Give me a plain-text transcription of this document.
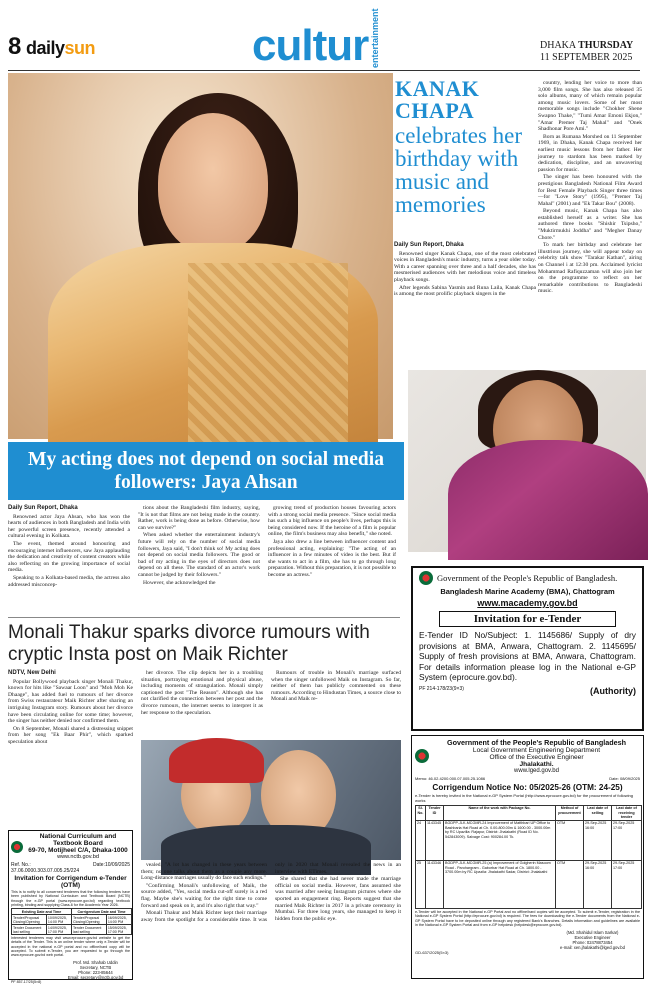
8 dailysun	cultur entertainment	DHAKA THURSDAY
11 SEPTEMBER 2025
KANAK
CHAPA
celebrates her birthday with music and memories
Daily Sun Report, Dhaka

Renowned singer Kanak Chapa, one of the most celebrated voices in Bangladesh's music industry, turns a year older today. With a career spanning over three and a half decades, she has mesmerised audiences with her melodious voice and timeless playback songs.

After legends Sabina Yasmin and Runa Laila, Kanak Chapa is among the most prolific playback singers in the

country, lending her voice to more than 3,000 film songs. She has also released 35 solo albums, many of which remain popular among music lovers. Some of her most memorable songs include "Chokher Shene Swapno Thake," "Tumi Amar Emoni Ekjon," "Amar Premer Taj Mahal" and "Onek Shadhonar Pore Ami."

Born as Rumana Morshed on 11 September 1969, in Dhaka, Kanak Chapa received her earliest music lessons from her father. Her journey to stardom has been marked by dedication, discipline, and an unwavering passion for music.

The singer has been honoured with the prestigious Bangladesh National Film Award for Best Female Playback Singer three times—for "Love Story" (1995), "Premer Taj Mahal" (2001) and "Ek Takar Bou" (2008).

Beyond music, Kanak Chapa has also established herself as a writer. She has authored three books "Shishir Tsipsho," "Muktirmukhi Joddha" and "Megher Danay Chore."

To mark her birthday and celebrate her illustrious journey, she will appear today on celebrity talk show "Tarakar Kathan", airing on Channel i at 12:30 pm. Acclaimed lyricist Mohammad Rafiquzzaman will also join her on the programme to reflect on her remarkable contributions to Bangladeshi music.

My acting does not depend on social media followers: Jaya Ahsan
Daily Sun Report, Dhaka

Renowned actor Jaya Ahsan, who has won the hearts of audiences in both Bangladesh and India with her powerful screen presence, recently attended a cultural evening in Kolkata.

The event, themed around honouring and encouraging internet influencers, saw Jaya applauding the dedication and creativity of content creators while also reflecting on the growing importance of social media.

Speaking to a Kolkata-based media, the actress also addressed misconcep-

tions about the Bangladeshi film industry, saying, "It is not that films are not being made in the country. Rather, work is being done as before. Otherwise, how can we survive?"

When asked whether the entertainment industry's future will rely on the number of social media followers, Jaya said, "I don't think so! My acting does not depend on social media followers. The good or bad of my acting in the eyes of directors does not depend on all these. The standard of an actor's work cannot be judged by their followers."

However, she acknowledged the

growing trend of production houses favouring actors with a strong social media presence. "Since social media has such a big influence on people's lives, perhaps this is being considered now. If the heroine of a film is popular online, the film's business may also benefit," she noted.

Jaya also drew a line between influencer content and professional acting, explaining: "The acting of an influencer in a few minutes of video is the best. But if she wants to act in a film, she has to go through long preparation. Without this preparation, it is not possible to become an actress."

Monali Thakur sparks divorce rumours with cryptic Insta post on Maik Richter
NDTV, New Delhi

Popular Bollywood playback singer Monali Thakur, known for hits like "Sawaar Loon" and "Moh Moh Ke Dhaage", has added fuel to rumours of her divorce from Swiss restaurateur Maik Richter after sharing an intriguing Instagram story. Rumours about her divorce have been circulating online for some time; however, the singer has neither denied nor confirmed them.

On 8 September, Monali shared a distressing snippet from her song "Ek Baar Phir", which sparked speculation about

her divorce. The clip depicts her in a troubling situation, portraying emotional and physical abuse, including moments of strangulation. Monali simply captioned the post "The Reason". Although she has not clarified the connection between her post and the divorce rumours, the internet seems to interpret it as her response to the speculation.

Rumours of trouble in Monali's marriage surfaced when the singer unfollowed Maik on Instagram. So far, neither of them has publicly commented on these rumours. According to Hindustan Times, a source close to Monali and Maik re-

vealed, "A lot has changed in these years between them; no one talks about them as a couple any more. Long-distance marriages usually do face such endings."

"Confirming Monali's unfollowing of Maik, the source added, "Yes, social media cut-off surely is a red flag. Maybe she's waiting for the right time to come forward and speak on it, and it's also right that way."

Monali Thakur and Maik Richter kept their marriage away from the spotlight for a considerable time. It was only in 2020 that Monali revealed the news in an interview with ETimes.

She shared that she had never made the marriage official on social media. However, fans assumed she was married after seeing Instagram pictures where she sported an engagement ring. Reports suggest that she married Maik Richter in 2017 in a private ceremony in Mumbai. For three long years, she managed to keep it hidden from the public eye.

Government of the People's Republic of Bangladesh.
Bangladesh Marine Academy (BMA), Chattogram
www.macademy.gov.bd
Invitation for e-Tender
E-Tender ID No/Subject: 1. 1145686/ Supply of dry provisions at BMA, Anwara, Chattogram. 2. 1145695/ Supply of fresh provisions at BMA, Anwara, Chattogram. For details information please log in the National e-GP System (eprocure.gov.bd).
PF 214-178/23(9×3)	(Authority)
National Curriculum and Textbook Board
69-70, Motijheel C/A, Dhaka-1000
www.nctb.gov.bd
Ref. No.: 37.06.0000.303.07.005.25/224
Date:10/09/2025
Invitation for Corrigendum e-Tender (OTM)
This is to notify to all concerned tenderers that the following tenders have been published by National Curriculum and Textbook Board (NCTB) through the e-GP portal (www.eprocure.gov.bd) regarding textbook printing, binding and supplying Class-6 for the Academic Year 2026.
Existing Date and Time		Corrigendum Date and Time	
Tender/Proposal Closing/Opening	10/09/2025, 14:00 PM	Tender/Proposal Closing/Opening	16/09/2025, 14:00 PM
Tender Document last selling	14/09/2025, 17:00 PM	Tender Document last selling	15/09/2025, 17:00 PM
Interested tenderers may visit www.eprocure.gov.bd website to get the details of the Tender. This is an online tender where only e-Tender will be accepted in the national e-GP portal and no offline/hard copy will be accepted. To submit e-Tender, you are requested to go through the www.eprocure.gov.bd web portal.
Prof. Md. Shahab Uddin
Secretary, NCTB
Phone: 223-85644
Email: secretary@nctb.gov.bd
PF 857-17/25(5×8)
Government of the People's Republic of Bangladesh
Local Government Engineering Department
Office of the Executive Engineer
Jhalakathi.
www.lged.gov.bd
Memo: 46.02.4200.000.07.005.25.1086	Date: 08/09/2025
Corrigendum Notice No: 05/2025-26 (OTM: 24-25)
e-Tender is hereby invited in the National e-GP System Portal (http://www.eprocure.gov.bd) for the procurement of following works
Sl. No.	Tender ID	Name of the work with Package No.	Method of procurement	Last date of selling	Last date of receiving tender
24	1143345	BGDPP-JLK-MCGMR-24 Improvement of Matthbari UP Office to Bashbaria Hat Road at Ch. 0.00-800.00m & 1600.00 - 3000.00m by RC Upazilla: Rajapur, District: Jhalakathi (Road ID No. 542843009). Salvage Cost: 900284.00 Tk.	OTM	29-Sep-2025 16:00	29-Sep-2025 17:00
25	1143346	BGDPP-JLK-MCGMR-25 (a) Improvement of Golgherin Masoom Road - Parohargram - Gaborbar Hat Road at Ch. 1800.00 - 3700.00m by RC Upazila: Jhalakathi Sadar, District: Jhalakathi	OTM	29-Sep-2025 16:00	29-Sep-2025 17:00
e-Tender will be accepted in the National e-GP Portal and no offline/hard copies will be accepted. To submit e-Tender, registration in the National e-GP System Portal (http://eprocure.gov.bd) is required. The fees for downloading the e-Tender documents from the National e-GP System Portal have to be deposited online through any registered Bank's Branches. Details information and guidelines are available in the National e-GP System Portal and from e-GP helpdesk (helpdesk@eprocure.gov.bd).
(Md. Shahidul Islam Sarkar)
Executive Engineer
Phone: 02478873454
e-mail: xen.jhalakathi@lged.gov.bd
GD-637/2025(5×3)
